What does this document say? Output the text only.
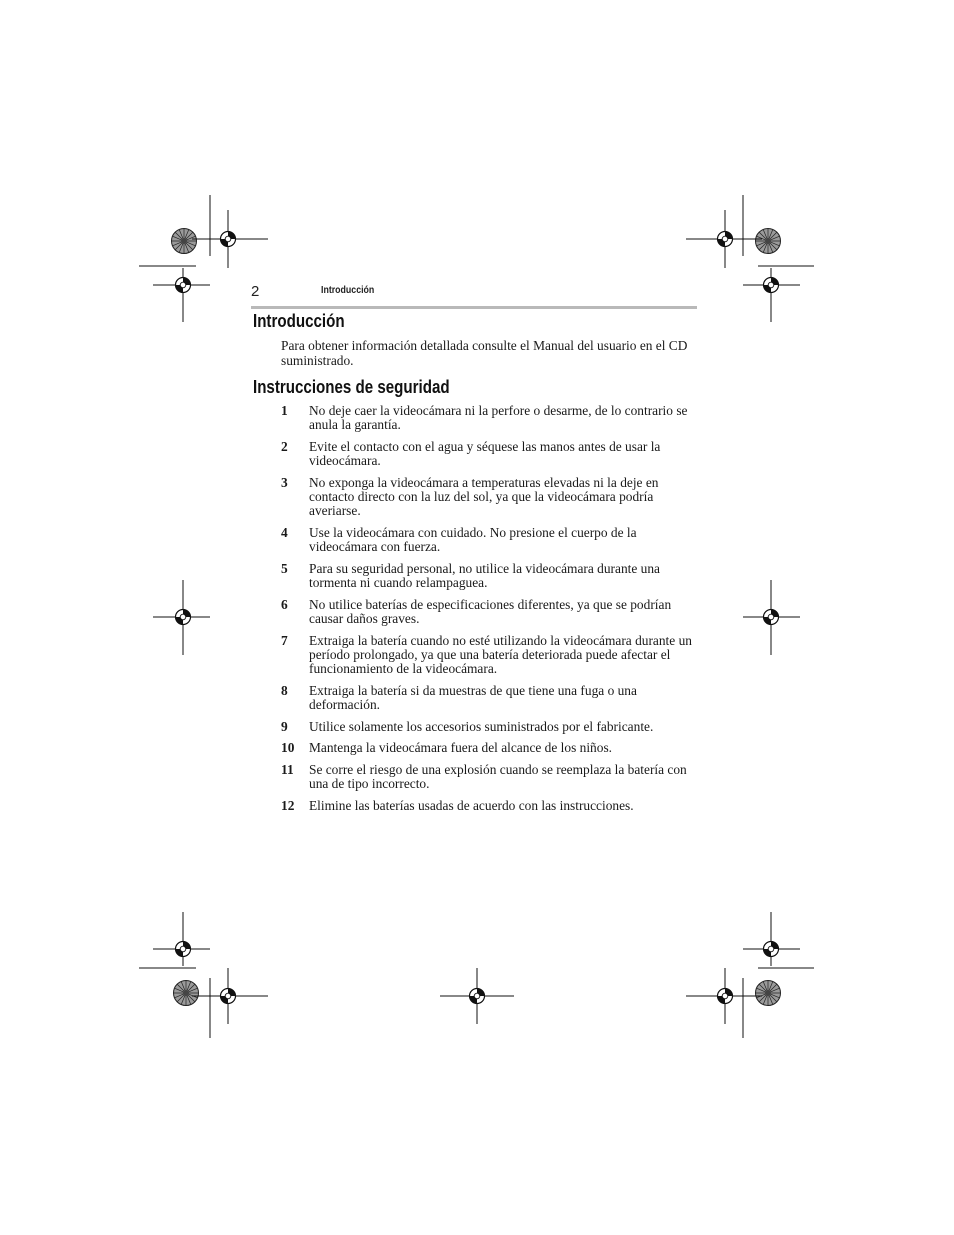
2	Introducción
Introducción

Para obtener información detallada consulte el Manual del usuario en el CD suministrado.

Instrucciones de seguridad
1	No deje caer la videocámara ni la perfore o desarme, de lo contrario se anula la garantía.
2	Evite el contacto con el agua y séquese las manos antes de usar la videocámara.
3	No exponga la videocámara a temperaturas elevadas ni la deje en contacto directo con la luz del sol, ya que la videocámara podría averiarse.
4	Use la videocámara con cuidado. No presione el cuerpo de la videocámara con fuerza.
5	Para su seguridad personal, no utilice la videocámara durante una tormenta ni cuando relampaguea.
6	No utilice baterías de especificaciones diferentes, ya que se podrían causar daños graves.
7	Extraiga la batería cuando no esté utilizando la videocámara durante un período prolongado, ya que una batería deteriorada puede afectar el funcionamiento de la videocámara.
8	Extraiga la batería si da muestras de que tiene una fuga o una deformación.
9	Utilice solamente los accesorios suministrados por el fabricante.
10	Mantenga la videocámara fuera del alcance de los niños.
11	Se corre el riesgo de una explosión cuando se reemplaza la batería con una de tipo incorrecto.
12	Elimine las baterías usadas de acuerdo con las instrucciones.
